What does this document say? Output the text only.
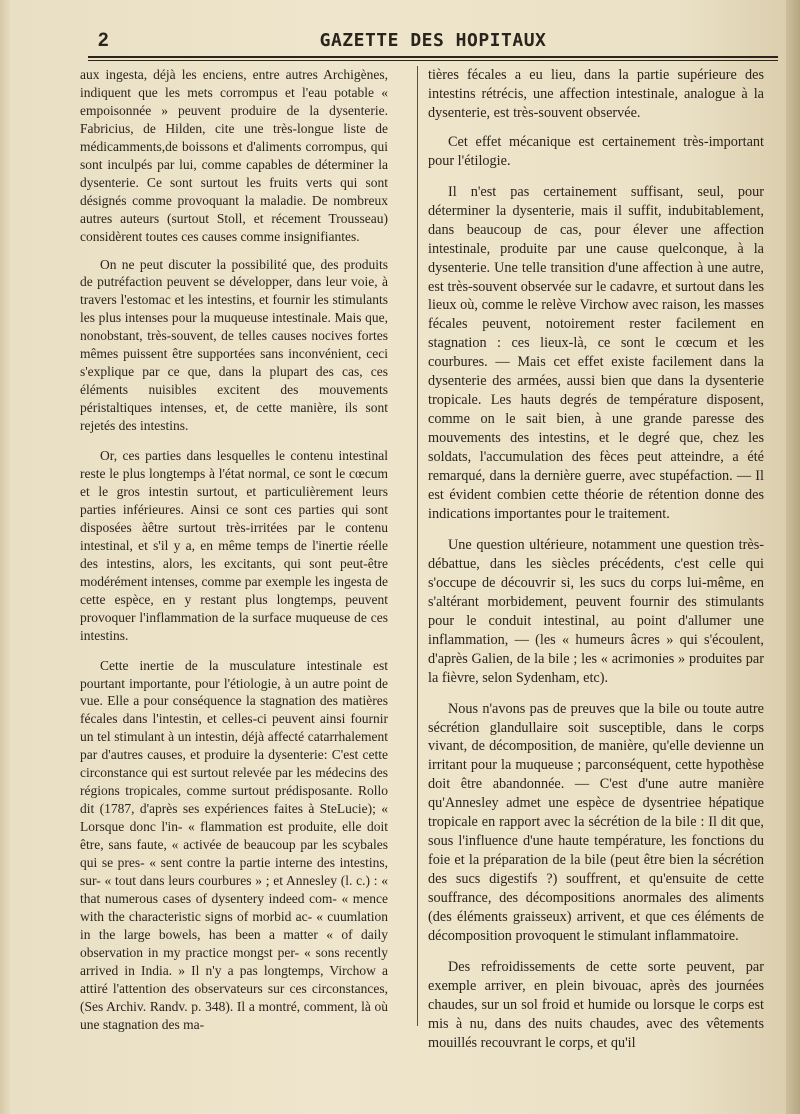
2	GAZETTE DES HOPITAUX

aux ingesta, déjà les enciens, entre autres Archigènes, indiquent que les mets corrompus et l'eau potable « empoisonnée » peuvent produire de la dysenterie. Fabricius, de Hilden, cite une très-longue liste de médicamments,de boissons et d'aliments corrompus, qui sont inculpés par lui, comme capables de déterminer la dysenterie. Ce sont surtout les fruits verts qui sont désignés comme provoquant la maladie. De nombreux autres auteurs (surtout Stoll, et récement Trousseau) considèrent toutes ces causes comme insignifiantes.

On ne peut discuter la possibilité que, des produits de putréfaction peuvent se développer, dans leur voie, à travers l'estomac et les intestins, et fournir les stimulants les plus intenses pour la muqueuse intestinale. Mais que, nonobstant, très-souvent, de telles causes nocives fortes mêmes puissent être supportées sans inconvénient, ceci s'explique par ce que, dans la plupart des cas, ces éléments nuisibles excitent des mouvements péristaltiques intenses, et, de cette manière, ils sont rejetés des intestins.

Or, ces parties dans lesquelles le contenu intestinal reste le plus longtemps à l'état normal, ce sont le cœcum et le gros intestin surtout, et particulièrement leurs parties inférieures. Ainsi ce sont ces parties qui sont disposées àêtre surtout très-irritées par le contenu intestinal, et s'il y a, en même temps de l'inertie réelle des intestins, alors, les excitants, qui sont peut-être modérément intenses, comme par exemple les ingesta de cette espèce, en y restant plus longtemps, peuvent provoquer l'inflammation de la surface muqueuse de ces intestins.

Cette inertie de la musculature intestinale est pourtant importante, pour l'étiologie, à un autre point de vue. Elle a pour conséquence la stagnation des matières fécales dans l'intestin, et celles-ci peuvent ainsi fournir un tel stimulant à un intestin, déjà affecté catarrhalement par d'autres causes, et produire la dysenterie: C'est cette circonstance qui est surtout relevée par les médecins des régions tropicales, comme surtout prédisposante. Rollo dit (1787, d'après ses expériences faites à SteLucie); « Lorsque donc l'in- « flammation est produite, elle doit être, sans faute, « activée de beaucoup par les scybales qui se pres- « sent contre la partie interne des intestins, sur- « tout dans leurs courbures » ; et Annesley (l. c.) : « that numerous cases of dysentery indeed com- « mence with the characteristic signs of morbid ac- « cuumlation in the large bowels, has been a matter « of daily observation in my practice mongst per- « sons recently arrived in India. » Il n'y a pas longtemps, Virchow a attiré l'attention des observateurs sur ces circonstances, (Ses Archiv. Randv. p. 348). Il a montré, comment, là où une stagnation des ma-

tières fécales a eu lieu, dans la partie supérieure des intestins rétrécis, une affection intestinale, analogue à la dysenterie, est très-souvent observée.

Cet effet mécanique est certainement très-important pour l'étilogie.

Il n'est pas certainement suffisant, seul, pour déterminer la dysenterie, mais il suffit, indubitablement, dans beaucoup de cas, pour élever une affection intestinale, produite par une cause quelconque, à la dysenterie. Une telle transition d'une affection à une autre, est très-souvent observée sur le cadavre, et surtout dans les lieux où, comme le relève Virchow avec raison, les masses fécales peuvent, notoirement rester facilement en stagnation : ces lieux-là, ce sont le cœcum et les courbures. — Mais cet effet existe facilement dans la dysenterie des armées, aussi bien que dans la dysenterie tropicale. Les hauts degrés de température disposent, comme on le sait bien, à une grande paresse des mouvements des intestins, et le degré que, chez les soldats, l'accumulation des fèces peut atteindre, a été remarqué, dans la dernière guerre, avec stupéfaction. — Il est évident combien cette théorie de rétention donne des indications importantes pour le traitement.

Une question ultérieure, notamment une question très-débattue, dans les siècles précédents, c'est celle qui s'occupe de découvrir si, les sucs du corps lui-même, en s'altérant morbidement, peuvent fournir des stimulants pour le conduit intestinal, au point d'allumer une inflammation, — (les « humeurs âcres » qui s'écoulent, d'après Galien, de la bile ; les « acrimonies » produites par la fièvre, selon Sydenham, etc).

Nous n'avons pas de preuves que la bile ou toute autre sécrétion glandullaire soit susceptible, dans le corps vivant, de décomposition, de manière, qu'elle devienne un irritant pour la muqueuse ; parconséquent, cette hypothèse doit être abandonnée. — C'est d'une autre manière qu'Annesley admet une espèce de dysentriee hépatique tropicale en rapport avec la sécrétion de la bile : Il dit que, sous l'influence d'une haute température, les fonctions du foie et la préparation de la bile (peut être bien la sécrétion des sucs digestifs ?) souffrent, et qu'ensuite de cette souffrance, des décompositions anormales des aliments (des éléments graisseux) arrivent, et que ces éléments de décomposition provoquent le stimulant inflammatoire.

Des refroidissements de cette sorte peuvent, par exemple arriver, en plein bivouac, après des journées chaudes, sur un sol froid et humide ou lorsque le corps est mis à nu, dans des nuits chaudes, avec des vêtements mouillés recouvrant le corps, et qu'il
